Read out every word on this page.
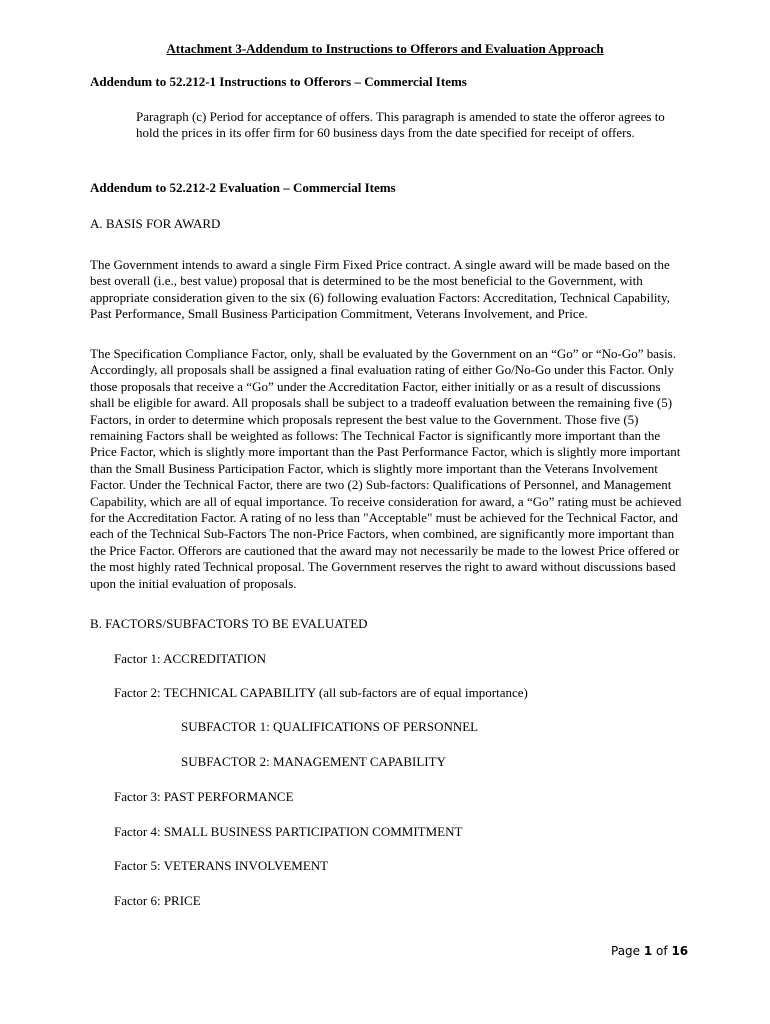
Attachment 3-Addendum to Instructions to Offerors and Evaluation Approach

Addendum to 52.212-1 Instructions to Offerors – Commercial Items

Paragraph (c) Period for acceptance of offers. This paragraph is amended to state the offeror agrees to hold the prices in its offer firm for 60 business days from the date specified for receipt of offers.

Addendum to 52.212-2 Evaluation – Commercial Items

A. BASIS FOR AWARD

The Government intends to award a single Firm Fixed Price contract. A single award will be made based on the best overall (i.e., best value) proposal that is determined to be the most beneficial to the Government, with appropriate consideration given to the six (6) following evaluation Factors: Accreditation, Technical Capability, Past Performance, Small Business Participation Commitment, Veterans Involvement, and Price.

The Specification Compliance Factor, only, shall be evaluated by the Government on an “Go” or “No-Go” basis. Accordingly, all proposals shall be assigned a final evaluation rating of either Go/No-Go under this Factor. Only those proposals that receive a “Go” under the Accreditation Factor, either initially or as a result of discussions shall be eligible for award. All proposals shall be subject to a tradeoff evaluation between the remaining five (5) Factors, in order to determine which proposals represent the best value to the Government. Those five (5) remaining Factors shall be weighted as follows: The Technical Factor is significantly more important than the Price Factor, which is slightly more important than the Past Performance Factor, which is slightly more important than the Small Business Participation Factor, which is slightly more important than the Veterans Involvement Factor. Under the Technical Factor, there are two (2) Sub-factors: Qualifications of Personnel, and Management Capability, which are all of equal importance. To receive consideration for award, a “Go” rating must be achieved for the Accreditation Factor. A rating of no less than "Acceptable" must be achieved for the Technical Factor, and each of the Technical Sub-Factors The non-Price Factors, when combined, are significantly more important than the Price Factor. Offerors are cautioned that the award may not necessarily be made to the lowest Price offered or the most highly rated Technical proposal. The Government reserves the right to award without discussions based upon the initial evaluation of proposals.

B. FACTORS/SUBFACTORS TO BE EVALUATED

Factor 1: ACCREDITATION

Factor 2: TECHNICAL CAPABILITY (all sub-factors are of equal importance)

SUBFACTOR 1: QUALIFICATIONS OF PERSONNEL

SUBFACTOR 2: MANAGEMENT CAPABILITY

Factor 3: PAST PERFORMANCE

Factor 4: SMALL BUSINESS PARTICIPATION COMMITMENT

Factor 5: VETERANS INVOLVEMENT

Factor 6: PRICE

Page 1 of 16
